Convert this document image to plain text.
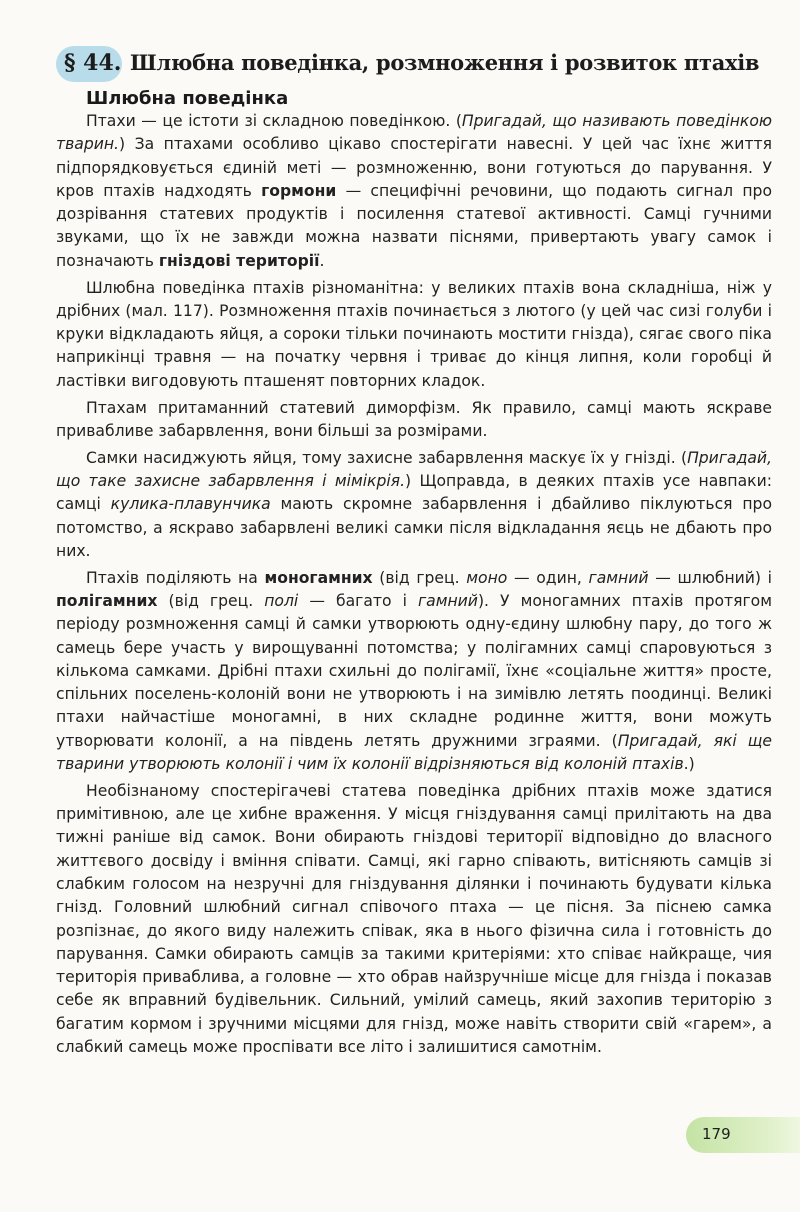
§ 44. Шлюбна поведінка, розмноження і розвиток птахів
Шлюбна поведінка

Птахи — це істоти зі складною поведінкою. (Пригадай, що називають поведінкою тварин.) За птахами особливо цікаво спостерігати навесні. У цей час їхнє життя підпорядковується єдиній меті — розмноженню, вони готуються до парування. У кров птахів надходять гормони — специфічні речовини, що подають сигнал про дозрівання статевих продуктів і посилення статевої активності. Самці гучними звуками, що їх не завжди можна назвати піснями, привертають увагу самок і позначають гніздові території.

Шлюбна поведінка птахів різноманітна: у великих птахів вона складніша, ніж у дрібних (мал. 117). Розмноження птахів починається з лютого (у цей час сизі голуби і круки відкладають яйця, а сороки тільки починають мостити гнізда), сягає свого піка наприкінці травня — на початку червня і триває до кінця липня, коли горобці й ластівки вигодовують пташенят повторних кладок.

Птахам притаманний статевий диморфізм. Як правило, самці мають яскраве привабливе забарвлення, вони більші за розмірами.

Самки насиджують яйця, тому захисне забарвлення маскує їх у гнізді. (Пригадай, що таке захисне забарвлення і мімікрія.) Щоправда, в деяких птахів усе навпаки: самці кулика-плавунчика мають скромне забарвлення і дбайливо піклуються про потомство, а яскраво забарвлені великі самки після відкладання яєць не дбають про них.

Птахів поділяють на моногамних (від грец. моно — один, гамний — шлюбний) і полігамних (від грец. полі — багато і гамний). У моногамних птахів протягом періоду розмноження самці й самки утворюють одну-єдину шлюбну пару, до того ж самець бере участь у вирощуванні потомства; у полігамних самці спаровуються з кількома самками. Дрібні птахи схильні до полігамії, їхнє «соціальне життя» просте, спільних поселень-колоній вони не утворюють і на зимівлю летять поодинці. Великі птахи найчастіше моногамні, в них складне родинне життя, вони можуть утворювати колонії, а на південь летять дружними зграями. (Пригадай, які ще тварини утворюють колонії і чим їх колонії відрізняються від колоній птахів.)

Необізнаному спостерігачеві статева поведінка дрібних птахів може здатися примітивною, але це хибне враження. У місця гніздування самці прилітають на два тижні раніше від самок. Вони обирають гніздові території відповідно до власного життєвого досвіду і вміння співати. Самці, які гарно співають, витісняють самців зі слабким голосом на незручні для гніздування ділянки і починають будувати кілька гнізд. Головний шлюбний сигнал співочого птаха — це пісня. За піснею самка розпізнає, до якого виду належить співак, яка в нього фізична сила і готовність до парування. Самки обирають самців за такими критеріями: хто співає найкраще, чия територія приваблива, а головне — хто обрав найзручніше місце для гнізда і показав себе як вправний будівельник. Сильний, умілий самець, який захопив територію з багатим кормом і зручними місцями для гнізд, може навіть створити свій «гарем», а слабкий самець може проспівати все літо і залишитися самотнім.

179
